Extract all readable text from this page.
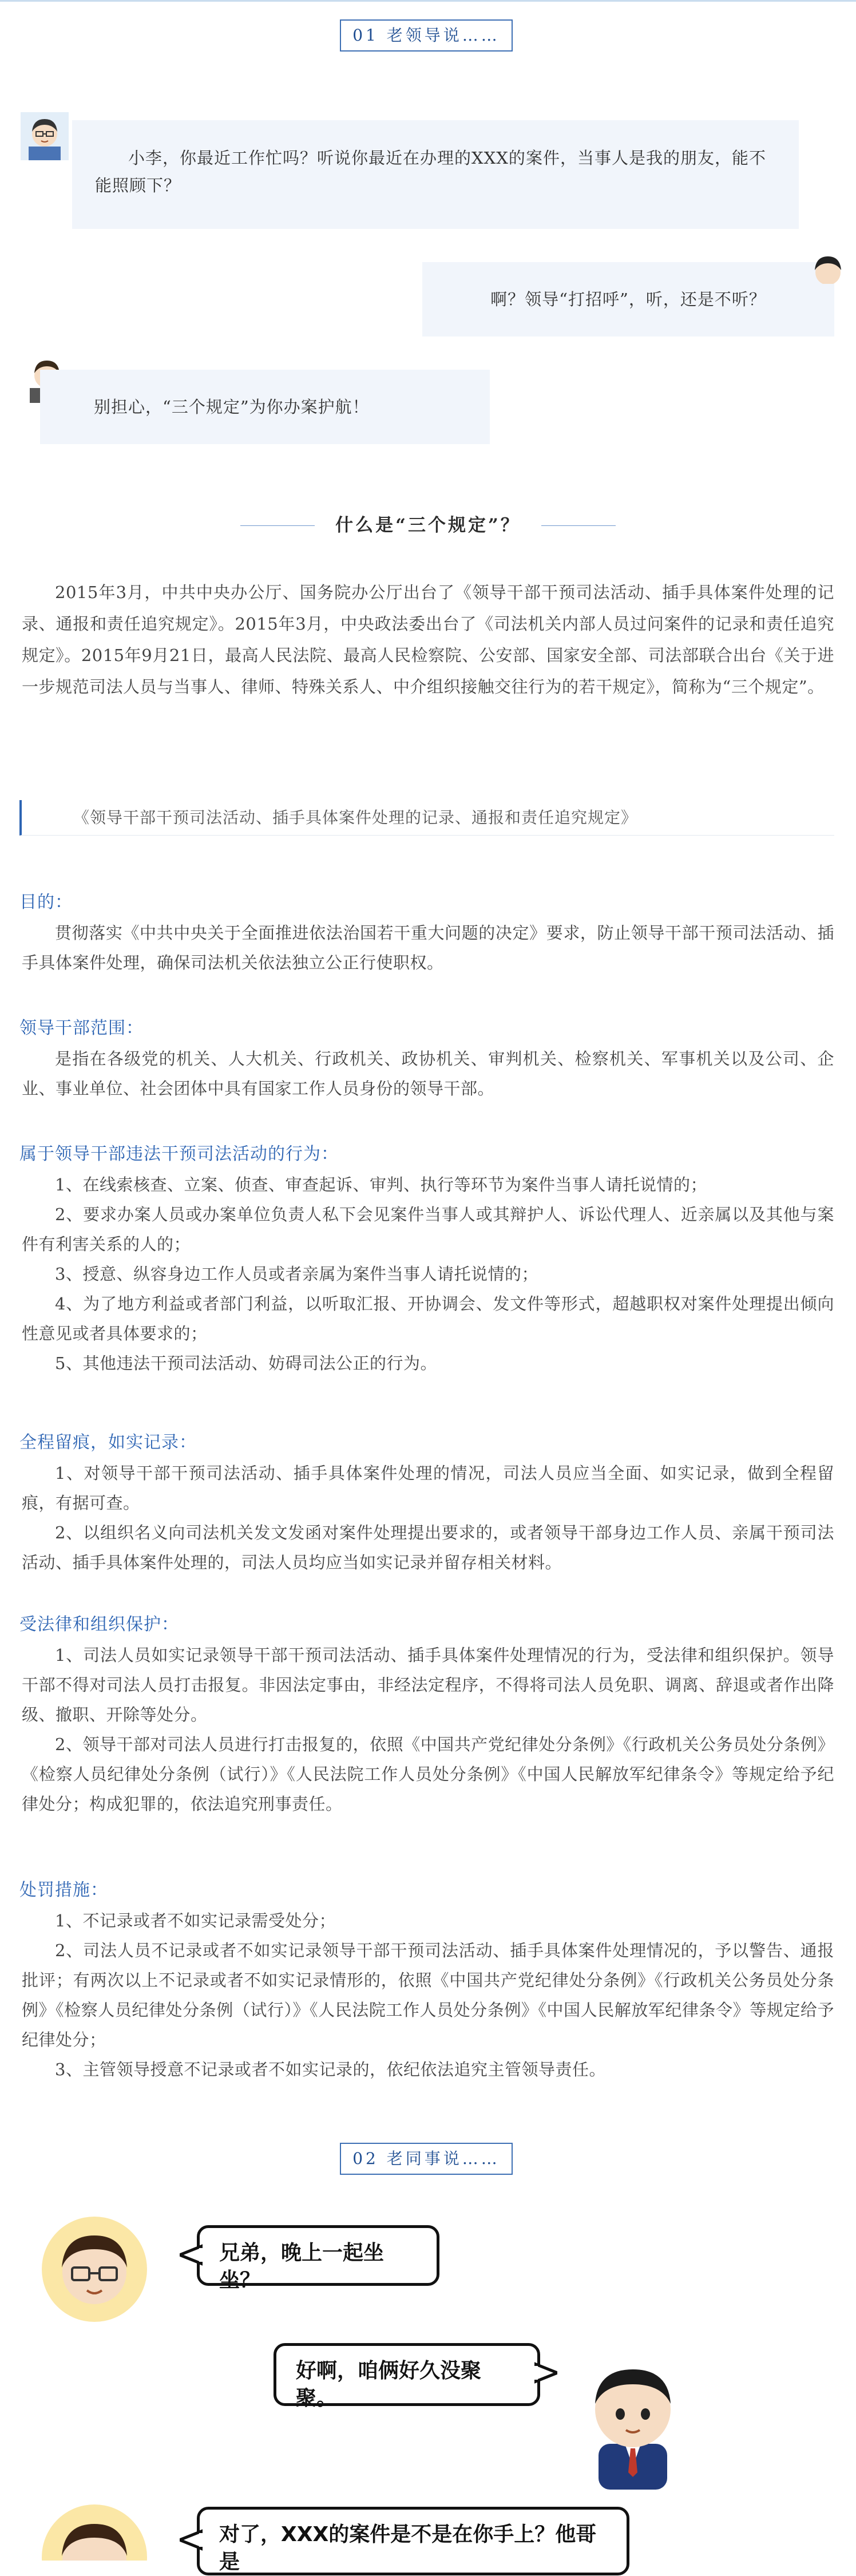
01 老领导说……
小李，你最近工作忙吗？听说你最近在办理的XXX的案件，当事人是我的朋友，能不能照顾下？
啊？领导“打招呼”，听，还是不听？
别担心，“三个规定”为你办案护航！
什么是“三个规定”？

2015年3月，中共中央办公厅、国务院办公厅出台了《领导干部干预司法活动、插手具体案件处理的记录、通报和责任追究规定》。2015年3月，中央政法委出台了《司法机关内部人员过问案件的记录和责任追究规定》。2015年9月21日，最高人民法院、最高人民检察院、公安部、国家安全部、司法部联合出台《关于进一步规范司法人员与当事人、律师、特殊关系人、中介组织接触交往行为的若干规定》，简称为“三个规定”。

《领导干部干预司法活动、插手具体案件处理的记录、通报和责任追究规定》
目的：

贯彻落实《中共中央关于全面推进依法治国若干重大问题的决定》要求，防止领导干部干预司法活动、插手具体案件处理，确保司法机关依法独立公正行使职权。

领导干部范围：

是指在各级党的机关、人大机关、行政机关、政协机关、审判机关、检察机关、军事机关以及公司、企业、事业单位、社会团体中具有国家工作人员身份的领导干部。

属于领导干部违法干预司法活动的行为：

1、在线索核查、立案、侦查、审查起诉、审判、执行等环节为案件当事人请托说情的；

2、要求办案人员或办案单位负责人私下会见案件当事人或其辩护人、诉讼代理人、近亲属以及其他与案件有利害关系的人的；

3、授意、纵容身边工作人员或者亲属为案件当事人请托说情的；

4、为了地方利益或者部门利益，以听取汇报、开协调会、发文件等形式，超越职权对案件处理提出倾向性意见或者具体要求的；

5、其他违法干预司法活动、妨碍司法公正的行为。

全程留痕，如实记录：

1、对领导干部干预司法活动、插手具体案件处理的情况，司法人员应当全面、如实记录，做到全程留痕，有据可查。

2、以组织名义向司法机关发文发函对案件处理提出要求的，或者领导干部身边工作人员、亲属干预司法活动、插手具体案件处理的，司法人员均应当如实记录并留存相关材料。

受法律和组织保护：

1、司法人员如实记录领导干部干预司法活动、插手具体案件处理情况的行为，受法律和组织保护。领导干部不得对司法人员打击报复。非因法定事由，非经法定程序，不得将司法人员免职、调离、辞退或者作出降级、撤职、开除等处分。

2、领导干部对司法人员进行打击报复的，依照《中国共产党纪律处分条例》《行政机关公务员处分条例》《检察人员纪律处分条例（试行）》《人民法院工作人员处分条例》《中国人民解放军纪律条令》等规定给予纪律处分；构成犯罪的，依法追究刑事责任。

处罚措施：

1、不记录或者不如实记录需受处分；

2、司法人员不记录或者不如实记录领导干部干预司法活动、插手具体案件处理情况的，予以警告、通报批评；有两次以上不记录或者不如实记录情形的，依照《中国共产党纪律处分条例》《行政机关公务员处分条例》《检察人员纪律处分条例（试行）》《人民法院工作人员处分条例》《中国人民解放军纪律条令》等规定给予纪律处分；

3、主管领导授意不记录或者不如实记录的，依纪依法追究主管领导责任。

02 老同事说……
兄弟，晚上一起坐坐？
好啊，咱俩好久没聚聚。
对了，XXX的案件是不是在你手上？他哥是
